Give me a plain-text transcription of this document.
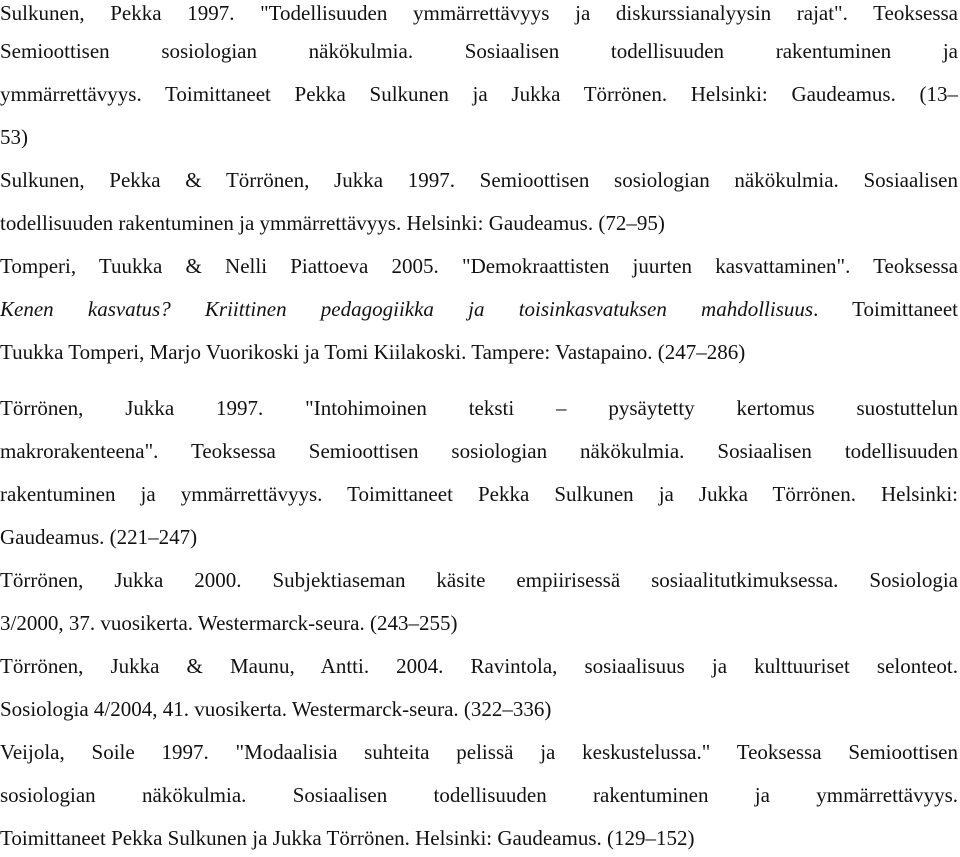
Sulkunen, Pekka 1997. "Todellisuuden ymmärrettävyys ja diskurssianalyysin rajat". Teoksessa
Semioottisen sosiologian näkökulmia. Sosiaalisen todellisuuden rakentuminen ja
ymmärrettävyys. Toimittaneet Pekka Sulkunen ja Jukka Törrönen. Helsinki: Gaudeamus. (13–
53)
Sulkunen, Pekka & Törrönen, Jukka 1997. Semioottisen sosiologian näkökulmia. Sosiaalisen
todellisuuden rakentuminen ja ymmärrettävyys. Helsinki: Gaudeamus. (72–95)
Tomperi, Tuukka & Nelli Piattoeva 2005. "Demokraattisten juurten kasvattaminen". Teoksessa
Kenen kasvatus? Kriittinen pedagogiikka ja toisinkasvatuksen mahdollisuus. Toimittaneet
Tuukka Tomperi, Marjo Vuorikoski ja Tomi Kiilakoski. Tampere: Vastapaino. (247–286)
Törrönen, Jukka 1997. "Intohimoinen teksti – pysäytetty kertomus suostuttelun
makrorakenteena". Teoksessa Semioottisen sosiologian näkökulmia. Sosiaalisen todellisuuden
rakentuminen ja ymmärrettävyys. Toimittaneet Pekka Sulkunen ja Jukka Törrönen. Helsinki:
Gaudeamus. (221–247)
Törrönen, Jukka 2000. Subjektiaseman käsite empiirisessä sosiaalitutkimuksessa. Sosiologia
3/2000, 37. vuosikerta. Westermarck-seura. (243–255)
Törrönen, Jukka & Maunu, Antti. 2004. Ravintola, sosiaalisuus ja kulttuuriset selonteot.
Sosiologia 4/2004, 41. vuosikerta. Westermarck-seura. (322–336)
Veijola, Soile 1997. "Modaalisia suhteita pelissä ja keskustelussa." Teoksessa Semioottisen
sosiologian näkökulmia. Sosiaalisen todellisuuden rakentuminen ja ymmärrettävyys.
Toimittaneet Pekka Sulkunen ja Jukka Törrönen. Helsinki: Gaudeamus. (129–152)
